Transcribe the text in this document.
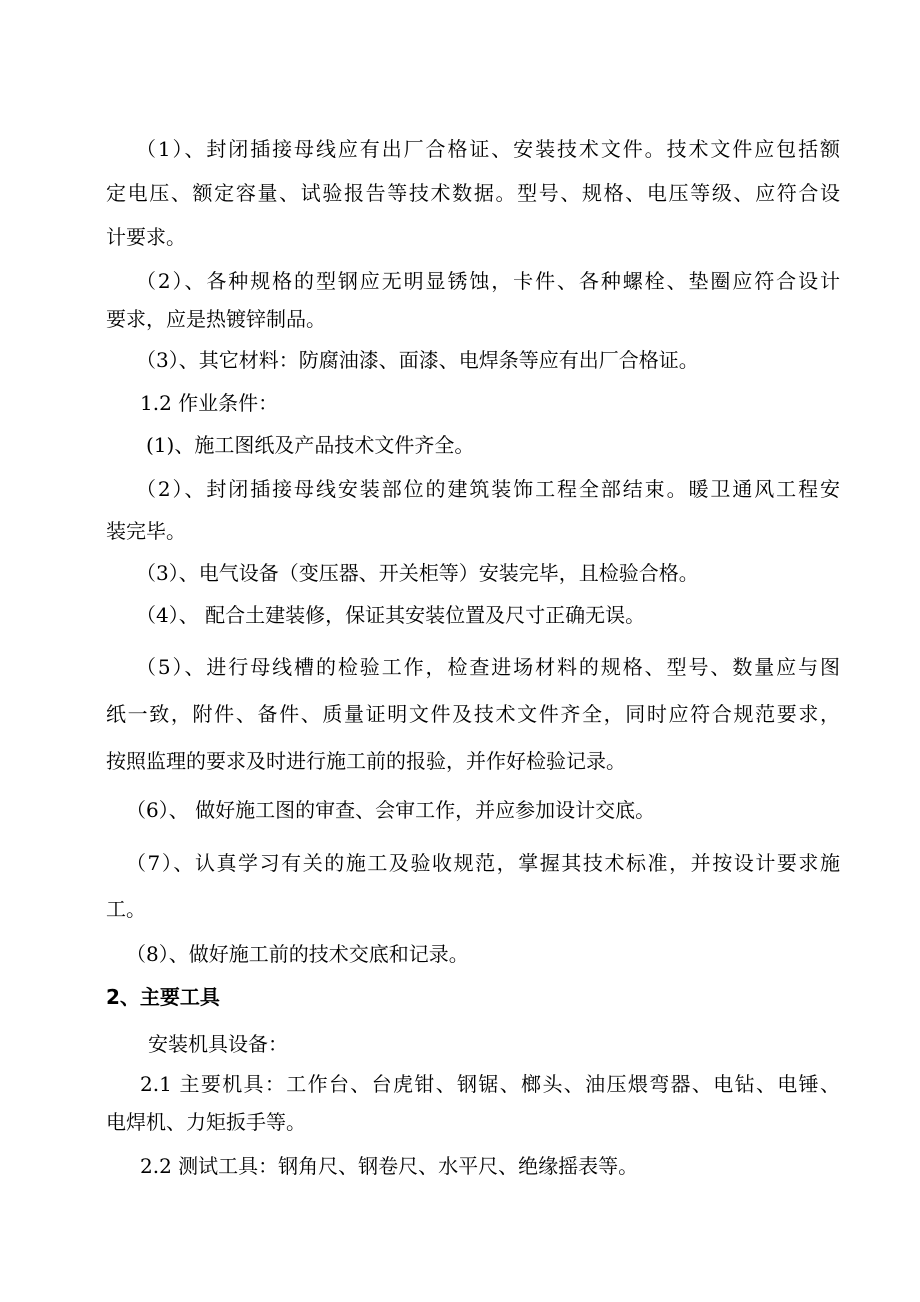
（1）、封闭插接母线应有出厂合格证、安装技术文件。技术文件应包括额
定电压、额定容量、试验报告等技术数据。型号、规格、电压等级、应符合设
计要求。
（2）、各种规格的型钢应无明显锈蚀，卡件、各种螺栓、垫圈应符合设计
要求，应是热镀锌制品。
（3）、其它材料：防腐油漆、面漆、电焊条等应有出厂合格证。
1.2 作业条件：
(1)、施工图纸及产品技术文件齐全。
（2）、封闭插接母线安装部位的建筑装饰工程全部结束。暖卫通风工程安
装完毕。
（3）、电气设备（变压器、开关柜等）安装完毕，且检验合格。
（4）、 配合土建装修，保证其安装位置及尺寸正确无误。
（5）、进行母线槽的检验工作，检查进场材料的规格、型号、数量应与图
纸一致，附件、备件、质量证明文件及技术文件齐全，同时应符合规范要求，
按照监理的要求及时进行施工前的报验，并作好检验记录。
（6）、 做好施工图的审查、会审工作，并应参加设计交底。
（7）、认真学习有关的施工及验收规范，掌握其技术标准，并按设计要求施
工。
（8）、做好施工前的技术交底和记录。
2、主要工具
安装机具设备：
2.1 主要机具：工作台、台虎钳、钢锯、榔头、油压煨弯器、电钻、电锤、
电焊机、力矩扳手等。
2.2 测试工具：钢角尺、钢卷尺、水平尺、绝缘摇表等。
